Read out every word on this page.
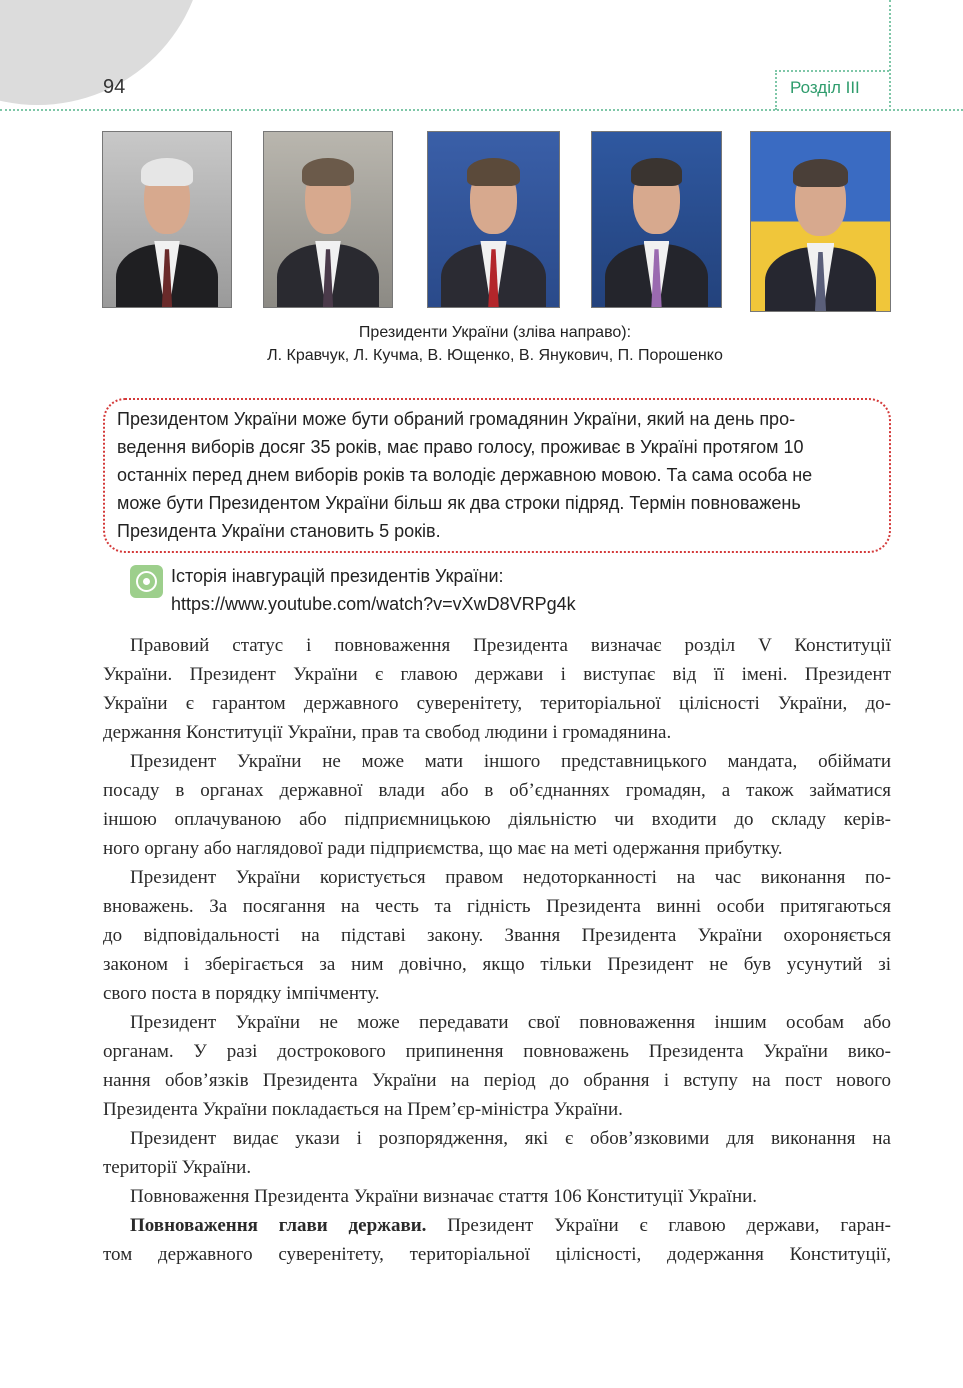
94	Розділ III
Президенти України (зліва направо):
Л. Кравчук, Л. Кучма, В. Ющенко, В. Янукович, П. Порошенко
Президентом України може бути обраний громадянин України, який на день про-
ведення виборів досяг 35 років, має право голосу, проживає в Україні протягом 10
останніх перед днем виборів років та володіє державною мовою. Та сама особа не
може бути Президентом України більш як два строки підряд. Термін повноважень
Президента України становить 5 років.
Історія інавгурацій президентів України:
https://www.youtube.com/watch?v=vXwD8VRPg4k
Правовий статус і повноваження Президента визначає розділ V Конституції
України. Президент України є главою держави і виступає від її імені. Президент
України є гарантом державного суверенітету, територіальної цілісності України, до-
держання Конституції України, прав та свобод людини і громадянина.
Президент України не може мати іншого представницького мандата, обіймати
посаду в органах державної влади або в об’єднаннях громадян, а також займатися
іншою оплачуваною або підприємницькою діяльністю чи входити до складу керів-
ного органу або наглядової ради підприємства, що має на меті одержання прибутку.
Президент України користується правом недоторканності на час виконання по-
вноважень. За посягання на честь та гідність Президента винні особи притягаються
до відповідальності на підставі закону. Звання Президента України охороняється
законом і зберігається за ним довічно, якщо тільки Президент не був усунутий зі
свого поста в порядку імпічменту.
Президент України не може передавати свої повноваження іншим особам або
органам. У разі дострокового припинення повноважень Президента України вико-
нання обов’язків Президента України на період до обрання і вступу на пост нового
Президента України покладається на Прем’єр-міністра України.
Президент видає укази і розпорядження, які є обов’язковими для виконання на
території України.
Повноваження Президента України визначає стаття 106 Конституції України.
Повноваження глави держави. Президент України є главою держави, гаран-
том державного суверенітету, територіальної цілісності, додержання Конституції,
